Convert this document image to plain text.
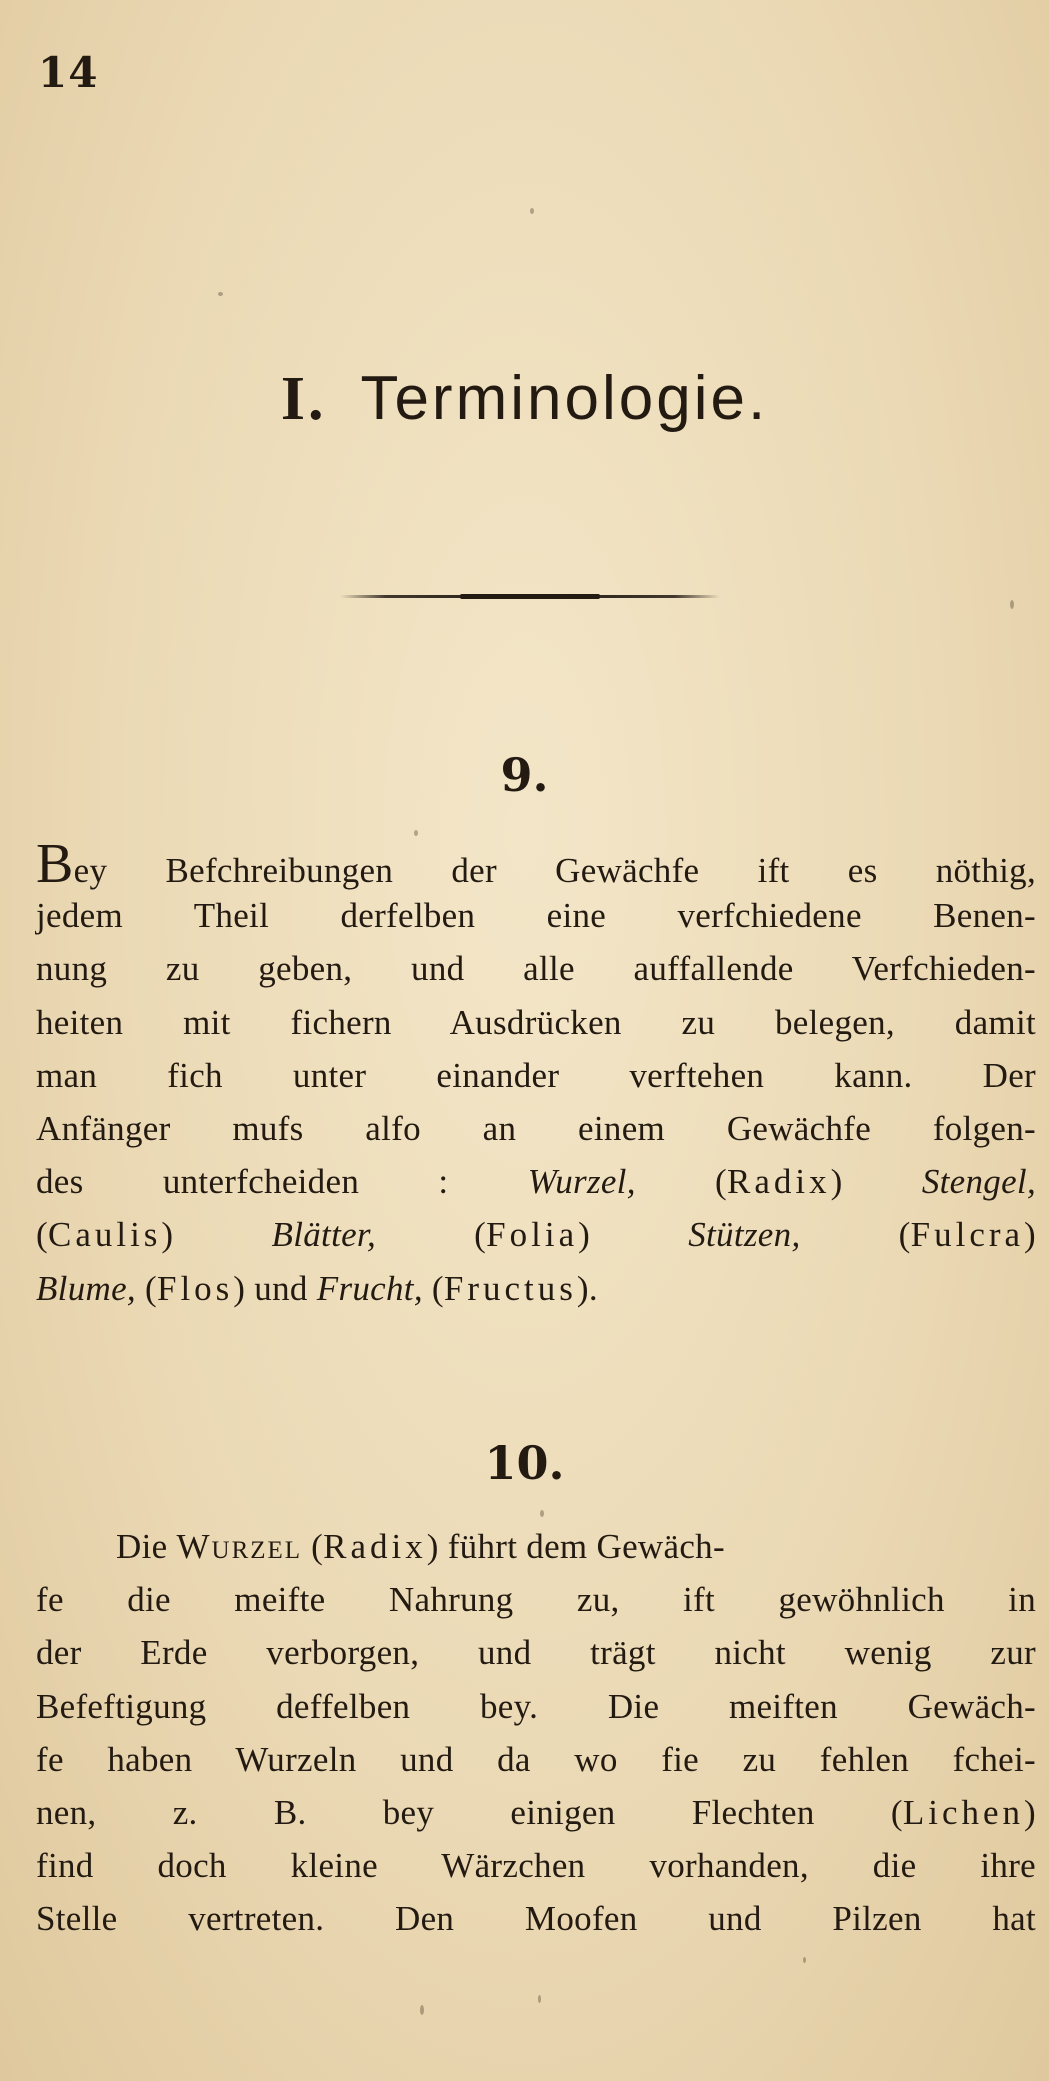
14
I. Terminologie.
9.
Bey Befchreibungen der Gewächfe ift es nöthig,
jedem Theil derfelben eine verfchiedene Benen-
nung zu geben, und alle auffallende Verfchieden-
heiten mit fichern Ausdrücken zu belegen, damit
man fich unter einander verftehen kann. Der
Anfänger mufs alfo an einem Gewächfe folgen-
des unterfcheiden : Wurzel, (Radix) Stengel,
(Caulis) Blätter, (Folia) Stützen, (Fulcra)
Blume, (Flos) und Frucht, (Fructus).
10.
Die Wurzel (Radix) führt dem Gewäch-
fe die meifte Nahrung zu, ift gewöhnlich in
der Erde verborgen, und trägt nicht wenig zur
Befeftigung deffelben bey. Die meiften Gewäch-
fe haben Wurzeln und da wo fie zu fehlen fchei-
nen, z. B. bey einigen Flechten (Lichen)
find doch kleine Wärzchen vorhanden, die ihre
Stelle vertreten. Den Moofen und Pilzen hat
